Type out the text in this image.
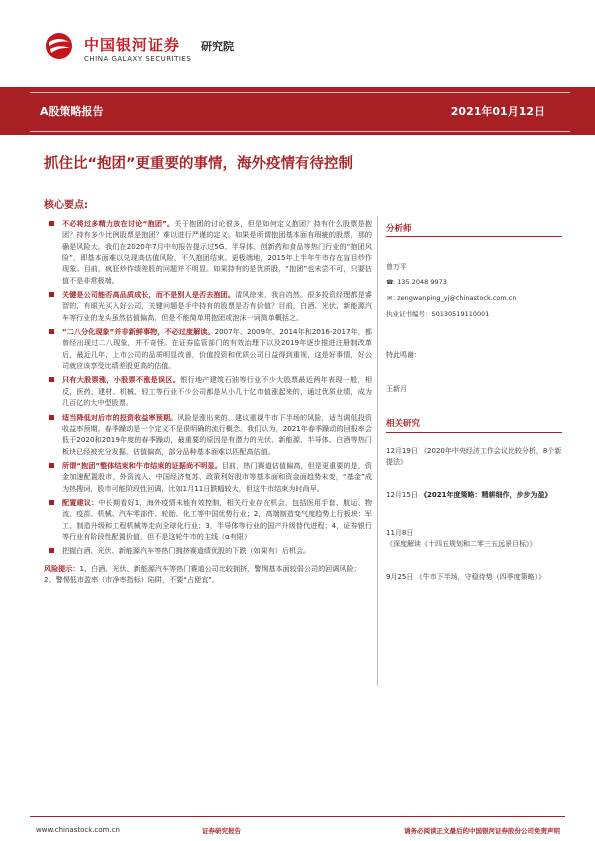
中国银河证券
CHINA GALAXY SECURITIES
研究院
A股策略报告	2021年01月12日
抓住比“抱团”更重要的事情，海外疫情有待控制
核心要点:
不必将过多精力放在讨论“抱团”。关于抱团的讨论很多，但是如何定义抱团？持有什么股票是抱团？持有多少比例股票是抱团？难以进行严谨的定义。如果是所谓抱团基本面有瑕疵的股票，那的确是风险大。我们在2020年7月中旬报告提示过5G、半导体、创新药和食品等热门行业的“抱团风险”，即基本面难以兑现高估值风险，不久抱团结束。更极端地，2015年上半年牛市存在盲目炒作现象。目前，疯狂炒作绩差股的问题并不明显。如果持有的是优质股，“抱团”也未尝不可，只要估值不是非常极端。
关键是公司能否高品质成长，而不是别人是否去抱团。清风徐来，我自岿然。很多投资经理都是睿智的，有眼光买入好公司，关键问题是手中持有的股票是否有价值？目前，白酒、光伏、新能源汽车等行业的龙头虽然估值偏高，但是不能简单用抱团或泡沫一词简单概括之。
“二八分化现象”并非新鲜事物，不必过度解读。2007年、2009年、2014年和2016-2017年，都曾经出现过二八现象，并不奇怪。在证券监管部门的有效治理下以及2019年逐步推进注册制改革后，最近几年，上市公司的品质明显改善，价值投资和优质公司日益得到重视，这是好事情，好公司就应该享受比绩差股更高的估值。
只有大股票涨，小股票不涨是误区。银行地产建筑石油等行业不少大股票最近两年表现一般，相反，医药、建材、机械、轻工等行业不少公司都是从小几十亿市值涨起来的，通过优质业绩，成为几百亿的大中型股票。
适当降低对后市的投资收益率预期。风险是涨出来的，建议重视牛市下半场的风险，适当调低投资收益率预期。春季躁动是一个定义不是很明确的流行概念。我们认为，2021年春季躁动的回报率会低于2020和2019年度的春季躁动，最重要的原因是有潜力的光伏、新能源、半导体、白酒等热门板块已经被充分发掘，估值偏高，部分品种基本面难以匹配高估值。
所谓“抱团”整体结束和牛市结束的证据尚不明显。目前，热门赛道估值偏高，但是更重要的是，资金加速配置股市、外资流入、中国经济复苏、政策利好股市等基本面和资金面趋势未变，“基金”成为热搜词，股市可能阶段性回调，比如1月11日跌幅较大，但这牛市结束为时尚早。
配置建议：中长期看好1，海外疫情未能有效控制，相关行业存在机会，包括医用手套、航运、物流、疫苗、机械、汽车零部件、轮胎、化工等中国优势行业；2，高端制造变气度趋势上行板块：军工、制造升级和工程机械等走向全球化行业；3，半导体等行业的国产升级替代进程；4，证券银行等行业有阶段性配置价值，但不是这轮牛市的主线（α有限）
把握白酒、光伏、新能源汽车等热门拥挤赛道绩优股的下跌（如果有）后机会。
风险提示：1、白酒、光伏、新能源汽车等热门赛道公司比较拥挤，警惕基本面较弱公司的回调风险；2、警惕低市盈率（市净率指标）陷阱，不要“占便宜”。
分析师
曾万平
☎: 135 2048 9973
✉: zengwanping_yj@chinastock.com.cn
执业证书编号：S0130519110001
特此鸣谢：
王新月
相关研究
12月19日 《2020年中央经济工作会议比较分析，8个新提法》
12月15日 《2021年度策略：精耕细作，步步为盈》
11月8日 《深度解读《十四五规划和二零三五远景目标》》
9月25日 《牛市下半场，守稳待势（四季度策略）》
www.chinastock.com.cn	证券研究报告	请务必阅读正文最后的中国银河证券股份公司免责声明
